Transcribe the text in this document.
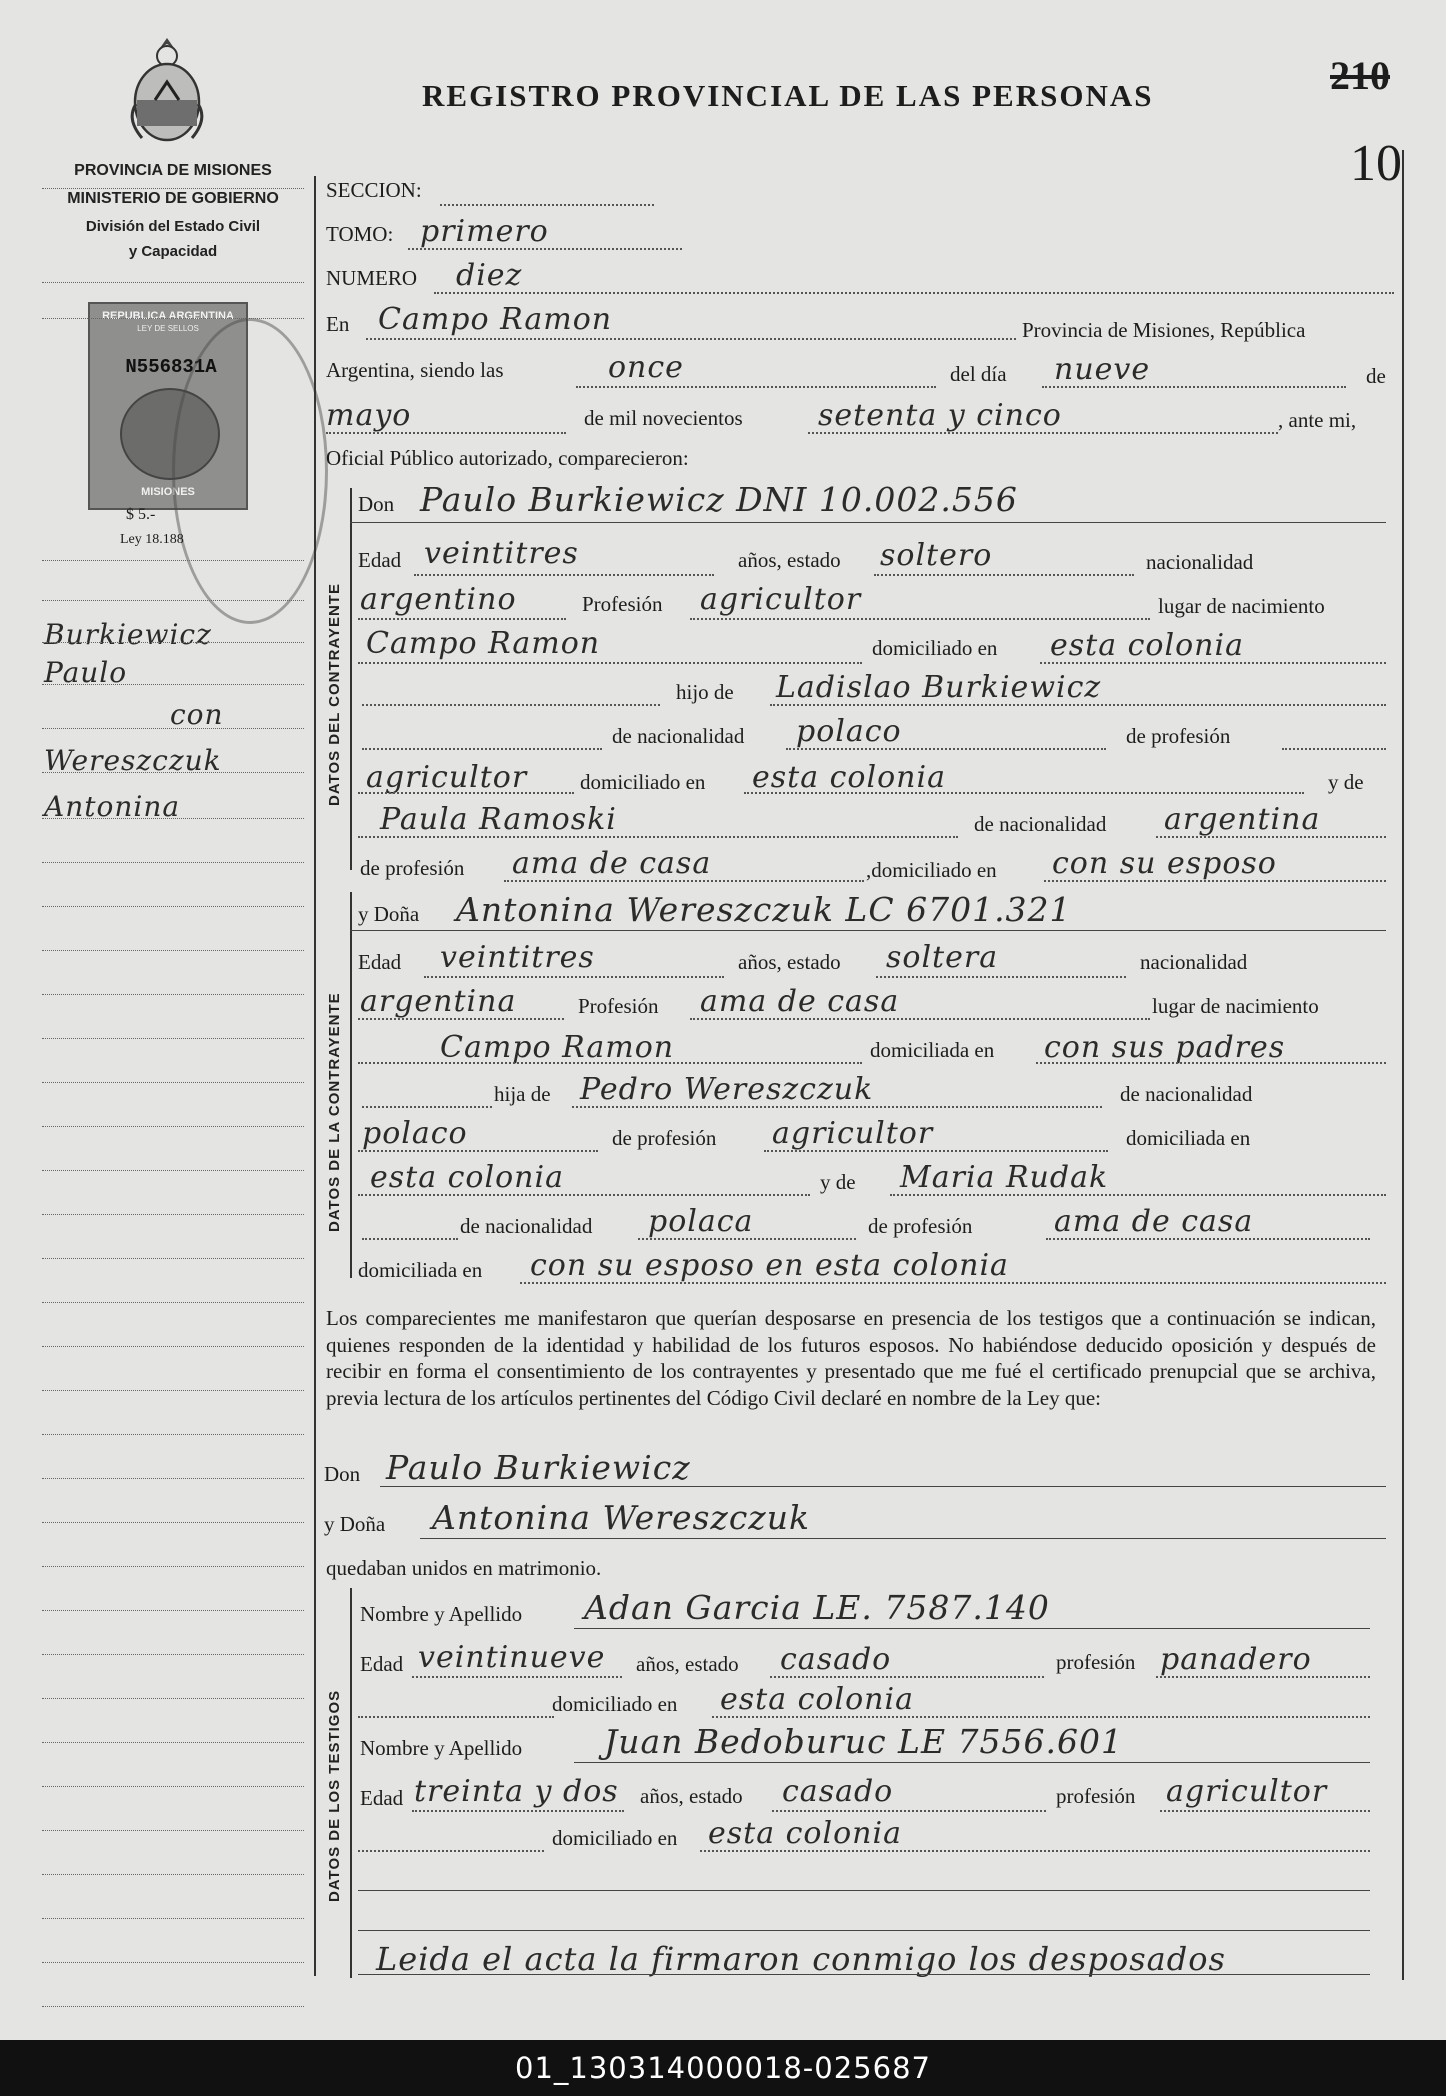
PROVINCIA DE MISIONES
MINISTERIO DE GOBIERNO
División del Estado Civil
y Capacidad
REGISTRO PROVINCIAL DE LAS PERSONAS	210
10
REPUBLICA ARGENTINA
LEY DE SELLOS
N556831A
MISIONES
$ 5.-
Ley 18.188
Burkiewicz
Paulo
con
Wereszczuk
Antonina
DATOS DEL CONTRAYENTE
DATOS DE LA CONTRAYENTE
DATOS DE LOS TESTIGOS
SECCION:
TOMO: primero
NUMERO diez
En Campo Ramon	Provincia de Misiones, República
Argentina, siendo las	once	del día nueve	de
mayo	de mil novecientos	setenta y cinco	, ante mi,
Oficial Público autorizado, comparecieron:
Don Paulo Burkiewicz DNI 10.002.556
Edad veintitres	años, estado soltero	nacionalidad
argentino	Profesión agricultor	lugar de nacimiento
Campo Ramon	domiciliado en esta colonia
hijo de Ladislao Burkiewicz
de nacionalidad polaco	de profesión
agricultor	domiciliado en esta colonia	y de
Paula Ramoski	de nacionalidad argentina
de profesión ama de casa	,domiciliado en con su esposo
y Doña Antonina Wereszczuk LC 6701.321
Edad veintitres	años, estado soltera	nacionalidad
argentina	Profesión ama de casa	lugar de nacimiento
Campo Ramon	domiciliada en con sus padres
hija de Pedro Wereszczuk	de nacionalidad
polaco	de profesión agricultor	domiciliada en
esta colonia	y de Maria Rudak
de nacionalidad polaca	de profesión	ama de casa
domiciliada en con su esposo en esta colonia
Los comparecientes me manifestaron que querían desposarse en presencia de los testigos que a continuación se indican, quienes responden de la identidad y habilidad de los futuros esposos. No habiéndose deducido oposición y después de recibir en forma el consentimiento de los contrayentes y presentado que me fué el certificado prenupcial que se archiva, previa lectura de los artículos pertinentes del Código Civil declaré en nombre de la Ley que:
Don Paulo Burkiewicz
y Doña Antonina Wereszczuk
quedaban unidos en matrimonio.
Nombre y Apellido Adan Garcia LE. 7587.140
Edad veintinueve años, estado casado	profesión panadero
domiciliado en esta colonia
Nombre y Apellido Juan Bedoburuc LE 7556.601
Edad treinta y dos años, estado casado	profesión agricultor
domiciliado en esta colonia
Leida el acta la firmaron conmigo los desposados
01_130314000018-025687
